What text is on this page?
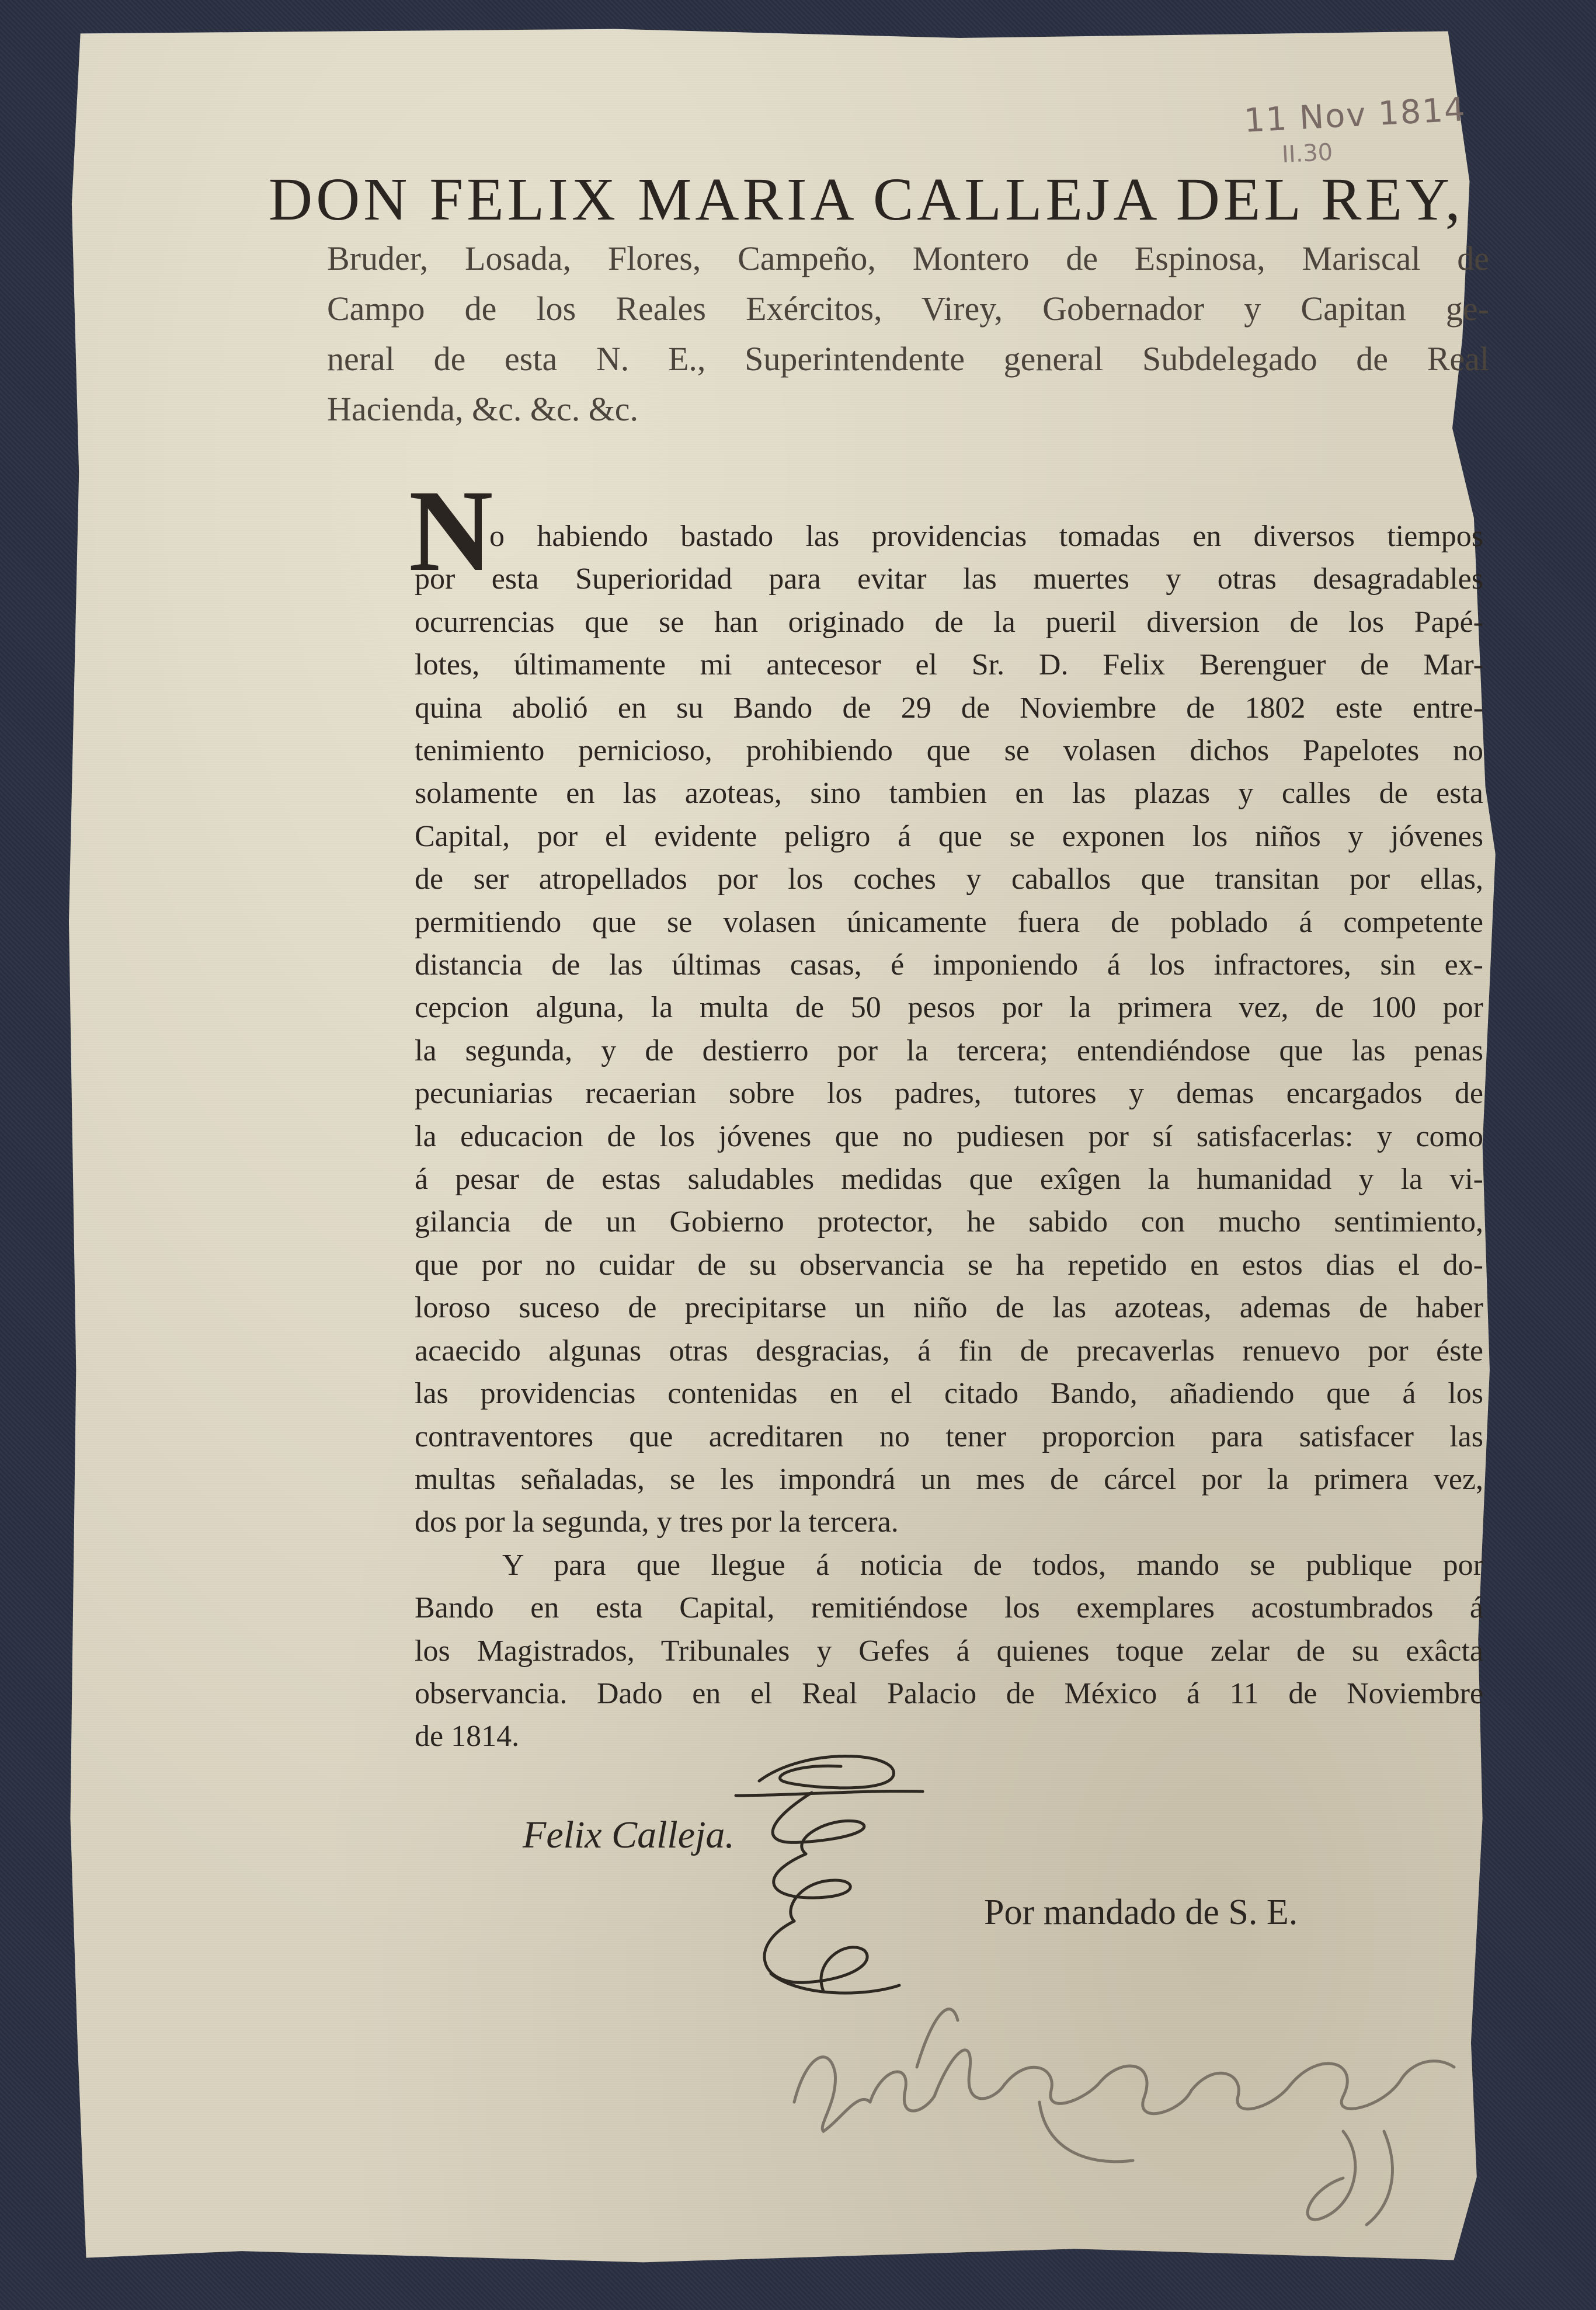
11 Nov 1814
II.30
DON FELIX MARIA CALLEJA DEL REY,
Bruder, Losada, Flores, Campeño, Montero de Espinosa, Mariscal de
Campo de los Reales Exércitos, Virey, Gobernador y Capitan ge-
neral de esta N. E., Superintendente general Subdelegado de Real
Hacienda, &c. &c. &c.
N
o habiendo bastado las providencias tomadas en diversos tiempos
por esta Superioridad para evitar las muertes y otras desagradables
ocurrencias que se han originado de la pueril diversion de los Papé-
lotes, últimamente mi antecesor el Sr. D. Felix Berenguer de Mar-
quina abolió en su Bando de 29 de Noviembre de 1802 este entre-
tenimiento pernicioso, prohibiendo que se volasen dichos Papelotes no
solamente en las azoteas, sino tambien en las plazas y calles de esta
Capital, por el evidente peligro á que se exponen los niños y jóvenes
de ser atropellados por los coches y caballos que transitan por ellas,
permitiendo que se volasen únicamente fuera de poblado á competente
distancia de las últimas casas, é imponiendo á los infractores, sin ex-
cepcion alguna, la multa de 50 pesos por la primera vez, de 100 por
la segunda, y de destierro por la tercera; entendiéndose que las penas
pecuniarias recaerian sobre los padres, tutores y demas encargados de
la educacion de los jóvenes que no pudiesen por sí satisfacerlas: y como
á pesar de estas saludables medidas que exîgen la humanidad y la vi-
gilancia de un Gobierno protector, he sabido con mucho sentimiento,
que por no cuidar de su observancia se ha repetido en estos dias el do-
loroso suceso de precipitarse un niño de las azoteas, ademas de haber
acaecido algunas otras desgracias, á fin de precaverlas renuevo por éste
las providencias contenidas en el citado Bando, añadiendo que á los
contraventores que acreditaren no tener proporcion para satisfacer las
multas señaladas, se les impondrá un mes de cárcel por la primera vez,
dos por la segunda, y tres por la tercera.
Y para que llegue á noticia de todos, mando se publique por
Bando en esta Capital, remitiéndose los exemplares acostumbrados á
los Magistrados, Tribunales y Gefes á quienes toque zelar de su exâcta
observancia. Dado en el Real Palacio de México á 11 de Noviembre
de 1814.
Felix Calleja.
Por mandado de S. E.
